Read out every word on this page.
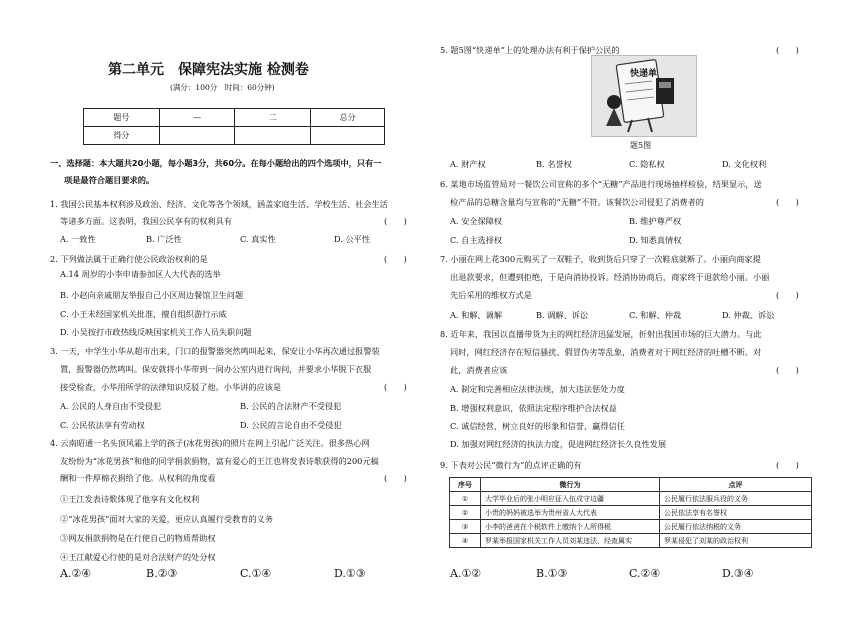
第二单元　保障宪法实施 检测卷
(满分：100分　时间：60分钟)
题号	—	二	总分
得分			
一、选择题：本大题共20小题，每小题3分，共60分。在每小题给出的四个选项中，只有一
项是最符合题目要求的。
1. 我国公民基本权利涉及政治、经济、文化等各个领域，涵盖家庭生活、学校生活、社会生活
等诸多方面。这表明，我国公民享有的权利具有	(　　)
A. 一致性	B. 广泛性	C. 真实性	D. 公平性
2. 下列做法属于正确行使公民政治权利的是	(　　)
A.14 周岁的小李申请参加区人大代表的选举
B. 小赵向亲戚朋友举报自己小区周边餐馆卫生问题
C. 小王未经国家机关批准，擅自组织游行示威
D. 小吴按打市政热线反映国家机关工作人员失职问题
3. 一天，中学生小华从超市出来，门口的报警器突然鸣叫起来，保安让小华再次通过报警装
置，报警器仍然鸣叫。保安就将小华带到一间办公室内进行询问，并要求小华脱下衣服
接受检查，小华用所学的法律知识反驳了他。小华讲的应该是	(　　)
A. 公民的人身自由不受侵犯	B. 公民的合法财产不受侵犯
C. 公民依法享有劳动权	D. 公民的言论自由不受侵犯
4. 云南昭通一名头顶风霜上学的孩子(冰花男孩)的照片在网上引起广泛关注。很多热心网
友纷纷为“冰花男孩”和他的同学捐款捐物，富有爱心的王江也将发表诗歌获得的200元稿
酬和一件厚棉衣捐给了他。从权利的角度看	(　　)
①王江发表诗歌体现了他享有文化权利
②“冰花男孩”面对大家的关爱，更应认真履行受教育的义务
③网友捐款捐物是在行使自己的物质帮助权
④王江献爱心行使的是对合法财产的处分权
A.②④	B.②③	C.①④	D.①③
5. 题5图“快递单”上的处理办法有利于保护公民的	(　　)
快递单
题5图
A. 财产权	B. 名誉权	C. 隐私权	D. 文化权利
6. 某地市场监管局对一餐饮公司宣称的多个“无糖”产品进行现场抽样检验，结果显示，送
检产品的总糖含量均与宣称的“无糖”不符。该餐饮公司侵犯了消费者的	(　　)
A. 安全保障权	B. 维护尊严权
C. 自主选择权	D. 知悉真情权
7. 小丽在网上花300元购买了一双鞋子，收到货后只穿了一次鞋底就断了。小丽向商家提
出退款要求，但遭到拒绝，于是向消协投诉。经消协协商后，商家终于退款给小丽。小丽
先后采用的维权方式是	(　　)
A. 和解、调解	B. 调解、诉讼	C. 和解、仲裁	D. 仲裁、诉讼
8. 近年来，我国以直播带货为主的网红经济迅猛发展，折射出我国市场的巨大潜力。与此
同时，网红经济存在短信骚扰、假冒伪劣等乱象，消费者对于网红经济的吐槽不断。对
此，消费者应该	(　　)
A. 制定和完善相应法律法规，加大违法惩处力度
B. 增强权利意识，依照法定程序维护合法权益
C. 诚信经营，树立良好的形象和信誉，赢得信任
D. 加强对网红经济的执法力度，促进网红经济长久良性发展
9. 下表对公民“微行为”的点评正确的有	(　　)
序号	微行为	点评
①	大学毕业后的张小明应征入伍戍守边疆	公民履行依法服兵役的义务
②	小贵的妈妈被选举为贵州省人大代表	公民依法享有名誉权
③	小李的爸爸在个税软件上缴纳个人所得税	公民履行依法纳税的义务
④	罗某举报国家机关工作人员刘某违法，经查属实	罗某侵犯了刘某的政治权利
A.①②	B.①③	C.②④	D.③④
